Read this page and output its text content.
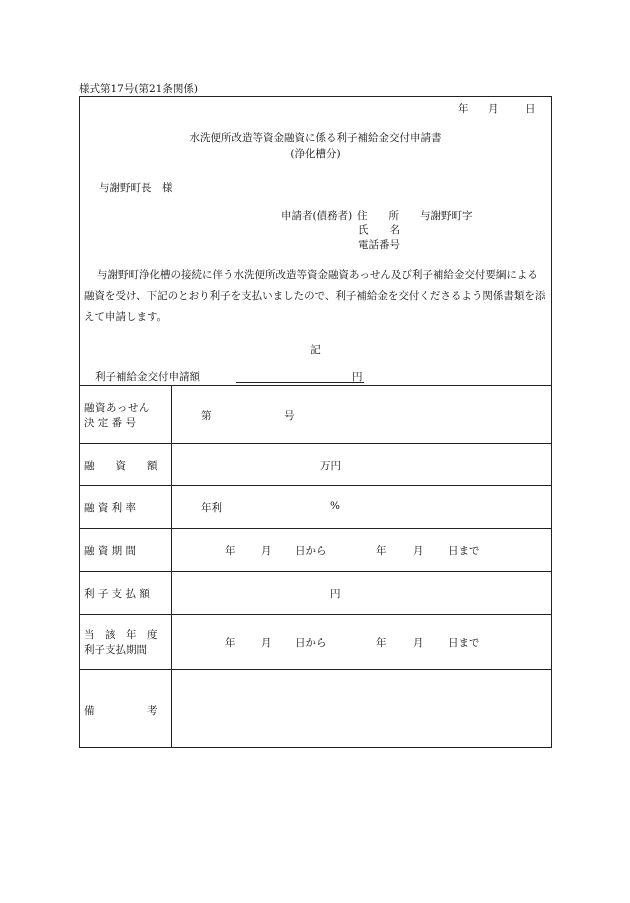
様式第17号(第21条関係)
年 月	日
水洗便所改造等資金融資に係る利子補給金交付申請書
(浄化槽分)
与謝野町長　様
申請者(債務者) 住　　所 与謝野町字
氏　　名
電話番号
与謝野町浄化槽の接続に伴う水洗便所改造等資金融資あっせん及び利子補給金交付要綱による融資を受け、下記のとおり利子を支払いましたので、利子補給金を交付くださるよう関係書類を添えて申請します。
記
利子補給金交付申請額	円
融資あっせん
決 定 番 号
第	号
融　　資　　額	万円
融 資 利 率	年利	%
融 資 期 間	年 月 日から	年	月 日まで
利 子 支 払 額	円
当　該　年　度
利子支払期間
年 月 日から	年	月 日まで
備　　　　　考
